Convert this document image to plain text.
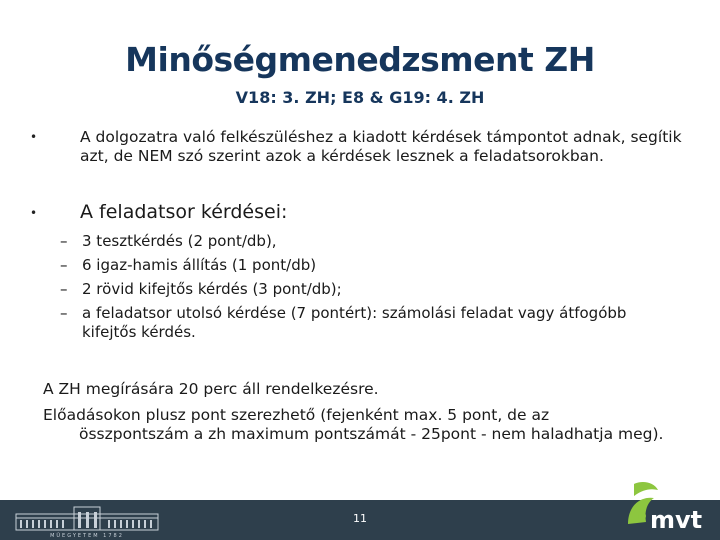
Minőségmenedzsment ZH
V18: 3. ZH; E8 & G19: 4. ZH
•	A dolgozatra való felkészüléshez a kiadott kérdések támpontot adnak, segítik azt, de NEM szó szerint azok a kérdések lesznek a feladatsorokban.
• A feladatsor kérdései:
– 3 tesztkérdés (2 pont/db),
– 6 igaz-hamis állítás (1 pont/db)
– 2 rövid kifejtős kérdés (3 pont/db);
– a feladatsor utolsó kérdése (7 pontért): számolási feladat vagy átfogóbb kifejtős kérdés.
A ZH megírására 20 perc áll rendelkezésre.
Előadásokon plusz pont szerezhető (fejenként max. 5 pont, de az
összpontszám a zh maximum pontszámát - 25pont - nem haladhatja meg).
MŰEGYETEM 1782
11	mvt
